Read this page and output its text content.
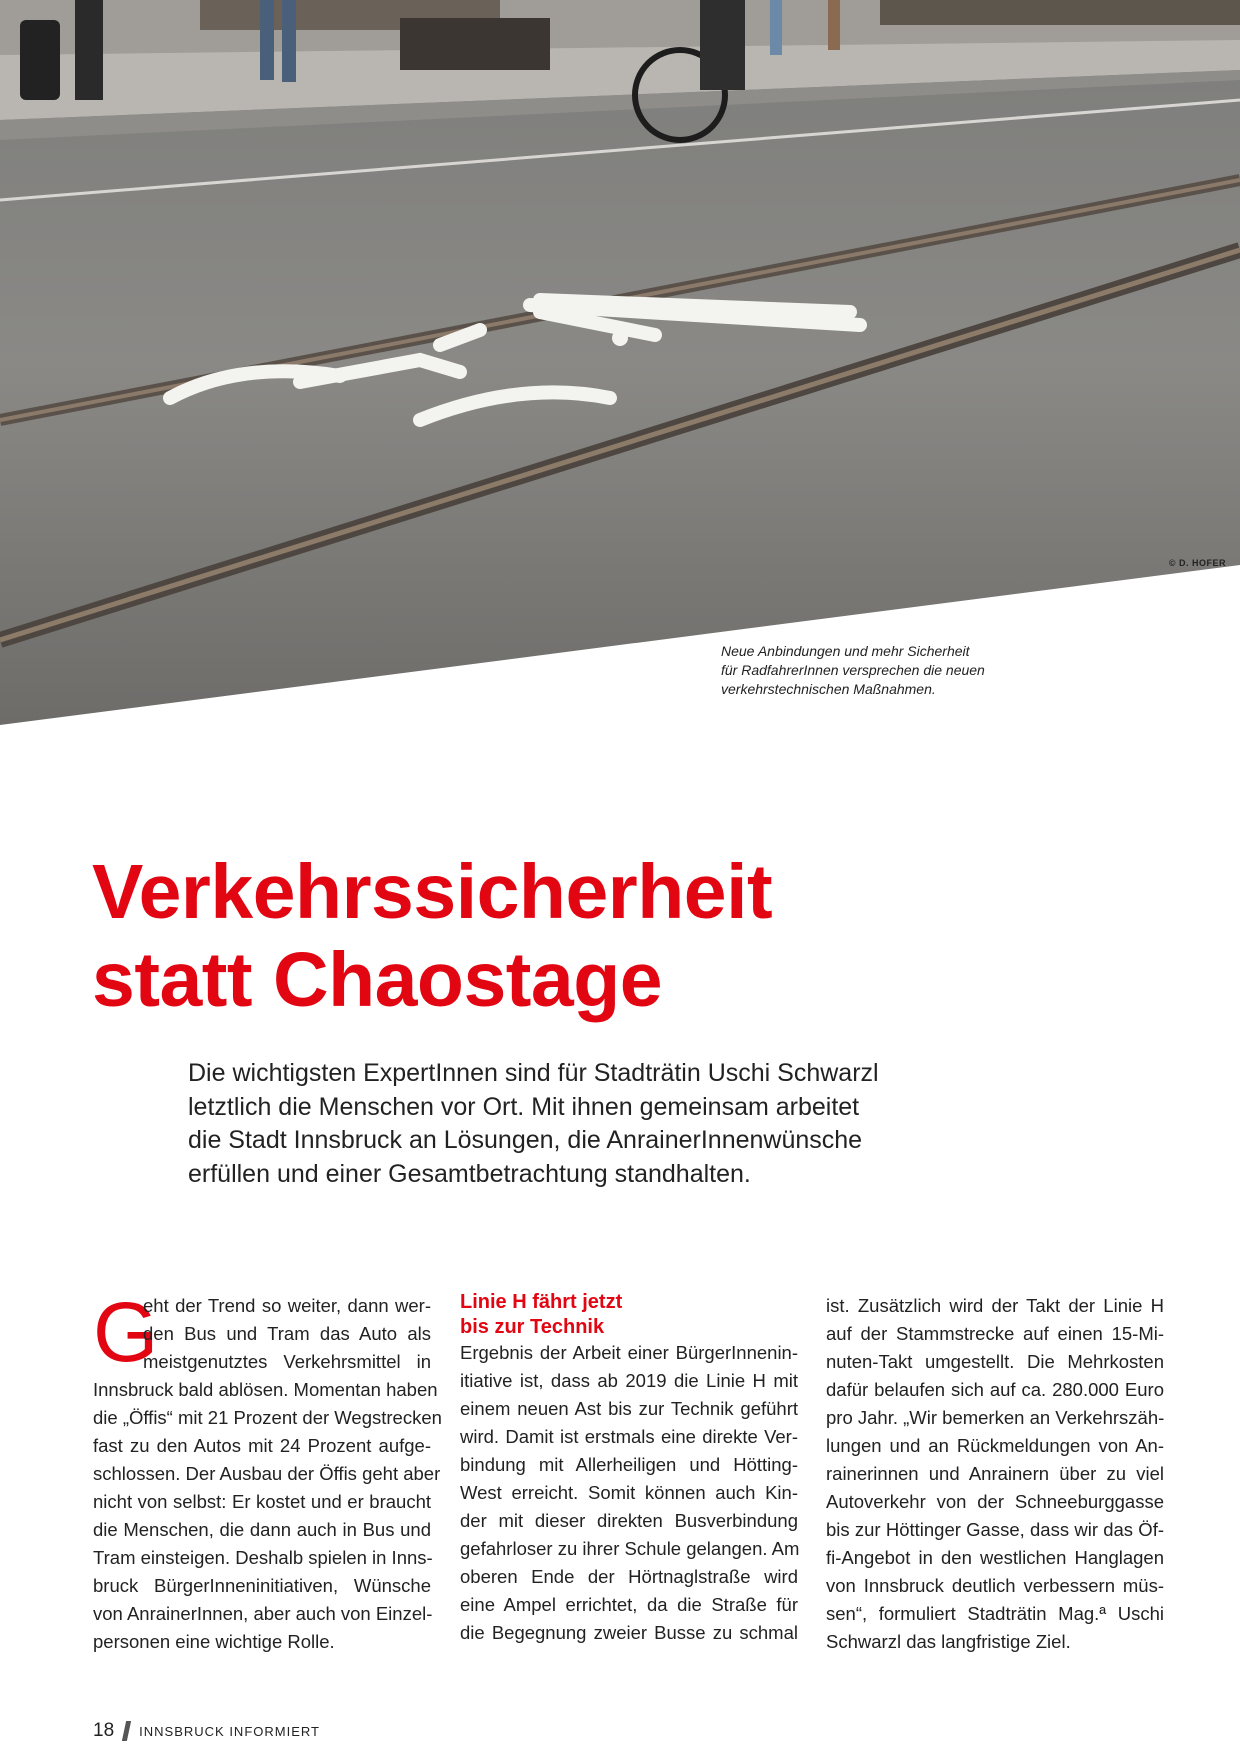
© D. HOFER
Neue Anbindungen und mehr Sicherheit
für RadfahrerInnen versprechen die neuen
verkehrstechnischen Maßnahmen.
Verkehrssicherheit
statt Chaostage
Die wichtigsten ExpertInnen sind für Stadträtin Uschi Schwarzl
letztlich die Menschen vor Ort. Mit ihnen gemeinsam arbeitet
die Stadt Innsbruck an Lösungen, die AnrainerInnenwünsche
erfüllen und einer Gesamtbetrachtung standhalten.
G
eht der Trend so weiter, dann wer-
den Bus und Tram das Auto als
meistgenutztes Verkehrsmittel in
Innsbruck bald ablösen. Momentan haben
die „Öffis“ mit 21 Prozent der Wegstrecken
fast zu den Autos mit 24 Prozent aufge-
schlossen. Der Ausbau der Öffis geht aber
nicht von selbst: Er kostet und er braucht
die Menschen, die dann auch in Bus und
Tram einsteigen. Deshalb spielen in Inns-
bruck BürgerInneninitiativen, Wünsche
von AnrainerInnen, aber auch von Einzel-
personen eine wichtige Rolle.
Linie H fährt jetzt
bis zur Technik
Ergebnis der Arbeit einer BürgerInnenin-
itiative ist, dass ab 2019 die Linie H mit
einem neuen Ast bis zur Technik geführt
wird. Damit ist erstmals eine direkte Ver-
bindung mit Allerheiligen und Hötting-
West erreicht. Somit können auch Kin-
der mit dieser direkten Busverbindung
gefahrloser zu ihrer Schule gelangen. Am
oberen Ende der Hörtnaglstraße wird
eine Ampel errichtet, da die Straße für
die Begegnung zweier Busse zu schmal
ist. Zusätzlich wird der Takt der Linie H
auf der Stammstrecke auf einen 15-Mi-
nuten-Takt umgestellt. Die Mehrkosten
dafür belaufen sich auf ca. 280.000 Euro
pro Jahr. „Wir bemerken an Verkehrszäh-
lungen und an Rückmeldungen von An-
rainerinnen und Anrainern über zu viel
Autoverkehr von der Schneeburggasse
bis zur Höttinger Gasse, dass wir das Öf-
fi-Angebot in den westlichen Hanglagen
von Innsbruck deutlich verbessern müs-
sen“, formuliert Stadträtin Mag.ª Uschi
Schwarzl das langfristige Ziel.
18 INNSBRUCK INFORMIERT
